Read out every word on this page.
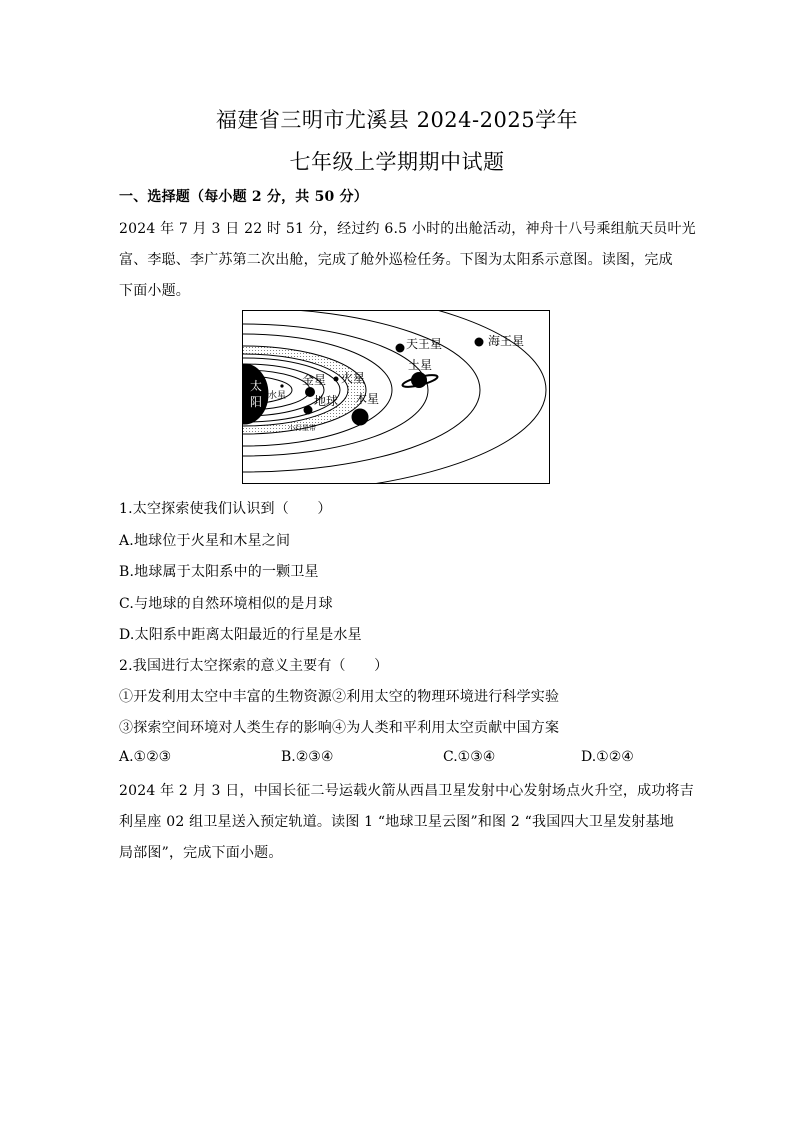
福建省三明市尤溪县 2024-2025学年
七年级上学期期中试题
一、选择题（每小题 2 分，共 50 分）
2024 年 7 月 3 日 22 时 51 分，经过约 6.5 小时的出舱活动，神舟十八号乘组航天员叶光
富、李聪、李广苏第二次出舱，完成了舱外巡检任务。下图为太阳系示意图。读图，完成
下面小题。
太
阳 水星
金星
地球
火星
小行星带
木星
土星
天王星	海王星
1.太空探索使我们认识到（　　）
A.地球位于火星和木星之间
B.地球属于太阳系中的一颗卫星
C.与地球的自然环境相似的是月球
D.太阳系中距离太阳最近的行星是水星
2.我国进行太空探索的意义主要有（　　）
①开发利用太空中丰富的生物资源②利用太空的物理环境进行科学实验
③探索空间环境对人类生存的影响④为人类和平利用太空贡献中国方案
A.①②③	B.②③④	C.①③④	D.①②④
2024 年 2 月 3 日，中国长征二号运载火箭从西昌卫星发射中心发射场点火升空，成功将吉
利星座 02 组卫星送入预定轨道。读图 1 “地球卫星云图”和图 2 “我国四大卫星发射基地
局部图”，完成下面小题。
